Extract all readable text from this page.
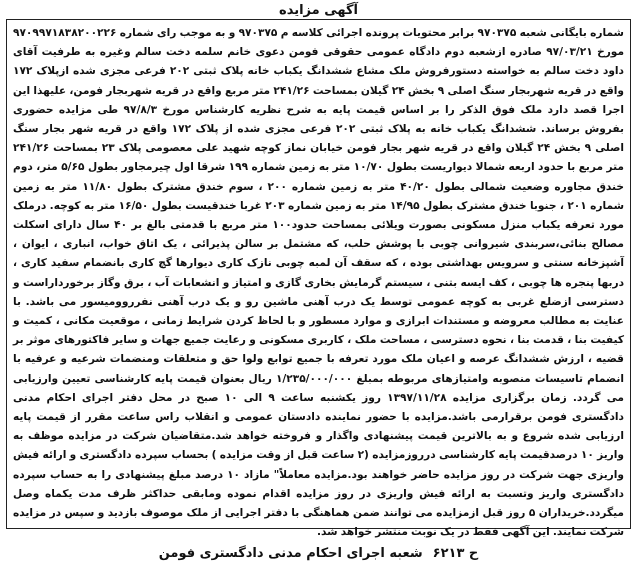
آگهی مزایده

شماره بایگانی شعبه ۹۷۰۳۷۵ برابر محتویات پرونده اجرائی کلاسه م ۹۷۰۳۷۵ و به موجب رای شماره ۹۷۰۹۹۷۱۸۳۸۲۰۰۲۲۶ مورخ ۹۷/۰۳/۲۱ صادره ازشعبه دوم دادگاه عمومی حقوقی فومن دعوی خانم سلمه دخت سالم وغیره به طرفیت آقای داود دخت سالم به خواسته دستورفروش ملک مشاع ششدانگ یکباب خانه پلاک ثبتی ۲۰۲ فرعی مجزی شده ازپلاک ۱۷۲ واقع در قریه شهربجار سنگ اصلی ۹ بخش ۲۴ گیلان بمساحت ۲۴۱/۲۶ متر مربع واقع در قریه شهربجار فومن، علیهذا این اجرا قصد دارد ملک فوق الذکر را بر اساس قیمت پایه به شرح نظریه کارشناس مورخ ۹۷/۸/۳ طی مزایده حضوری بفروش برساند. ششدانگ یکباب خانه به پلاک ثبتی ۲۰۲ فرعی مجزی شده از پلاک ۱۷۲ واقع در قریه شهر بجار سنگ اصلی ۹ بخش ۲۴ گیلان واقع در قریه شهر بجار فومن خیابان نماز کوچه شهید علی معصومی پلاک ۲۳ بمساحت ۲۴۱/۲۶ متر مربع با حدود اربعه شمالا دیواریست بطول ۱۰/۷۰ متر به زمین شماره ۱۹۹ شرقا اول چیرمجاور بطول ۵/۶۵ متر، دوم خندق مجاوره وضعیت شمالی بطول ۴۰/۲۰ متر به زمین شماره ۲۰۰ ، سوم خندق مشترک بطول ۱۱/۸۰ متر به زمین شماره ۲۰۱ ، جنوبا خندق مشترک بطول ۱۴/۹۵ متر به زمین شماره ۲۰۳ غربا خندقیست بطول ۱۶/۵۰ متر به کوچه. درملک مورد تعرفه یکباب منزل مسکونی بصورت ویلائی بمساحت حدود۱۰۰ متر مربع با قدمتی بالغ بر ۴۰ سال دارای اسکلت مصالح بنائی،سربندی شیروانی چوبی با پوشش حلب، که مشتمل بر سالن پذیرائی ، یک اتاق خواب، انباری ، ایوان ، آشپزخانه سنتی و سرویس بهداشتی بوده ، که سقف آن لمبه چوبی نازک کاری دیوارها گچ کاری بانضمام سفید کاری ، دربها پنجره ها چوبی ، کف ایسه بتنی ، سیستم گرمایش بخاری گازی و امتیاز و انشعابات آب ، برق وگاز برخورداراست و دسترسی ازضلع غربی به کوچه عمومی توسط یک درب آهنی ماشین رو و یک درب آهنی نفرروومیسور می باشد. با عنایت به مطالب معروضه و مستندات ابرازی و موارد مسطور و با لحاظ کردن شرایط زمانی ، موقعیت مکانی ، کمیت و کیفیت بنا ، قدمت بنا ، نحوه دسترسی ، مساحت ملک ، کاربری مسکونی و رعایت جمیع جهات و سایر فاکتورهای موثر بر قضیه ، ارزش ششدانگ عرصه و اعیان ملک مورد تعرفه با جمیع توابع ولوا حق و متعلقات ومنضمات شرعیه و عرفیه با انضمام تاسیسات منصوبه وامتیازهای مربوطه بمبلغ ۱/۲۳۵/۰۰۰/۰۰۰ ریال بعنوان قیمت پایه کارشناسی تعیین وارزیابی می گردد. زمان برگزاری مزایده ۱۳۹۷/۱۱/۲۸ روز یکشنبه ساعت ۹ الی ۱۰ صبح در محل دفتر اجرای احکام مدنی دادگستری فومن برقرارمی باشد.مزایده با حضور نماینده دادستان عمومی و انقلاب راس ساعت مقرر از قیمت پایه ارزیابی شده شروع و به بالاترین قیمت پیشنهادی واگذار و فروخته خواهد شد.متقاضیان شرکت در مزایده موظف به واریز ۱۰ درصدقیمت پایه کارشناسی درروزمزایده (۲ ساعت قبل از وقت مزایده ) بحساب سپرده دادگستری و ارائه فیش واریزی جهت شرکت در روز مزایده حاضر خواهند بود.مزایده معاملاً" مازاد ۱۰ درصد مبلغ پیشنهادی را به حساب سپرده دادگستری واریز وتسبت به ارائه فیش واریزی در روز مزایده اقدام نموده ومابقی حداکثر ظرف مدت یکماه وصل میگردد.خریداران ۵ روز قبل ازمزایده می توانند ضمن هماهنگی با دفتر اجرایی از ملک موصوف بازدید و سپس در مزایده شرکت نمایند. این آگهی فقط در یک نوبت منتشر خواهد شد.

ح ۶۲۱۳
شعبه اجرای احکام مدنی دادگستری فومن
